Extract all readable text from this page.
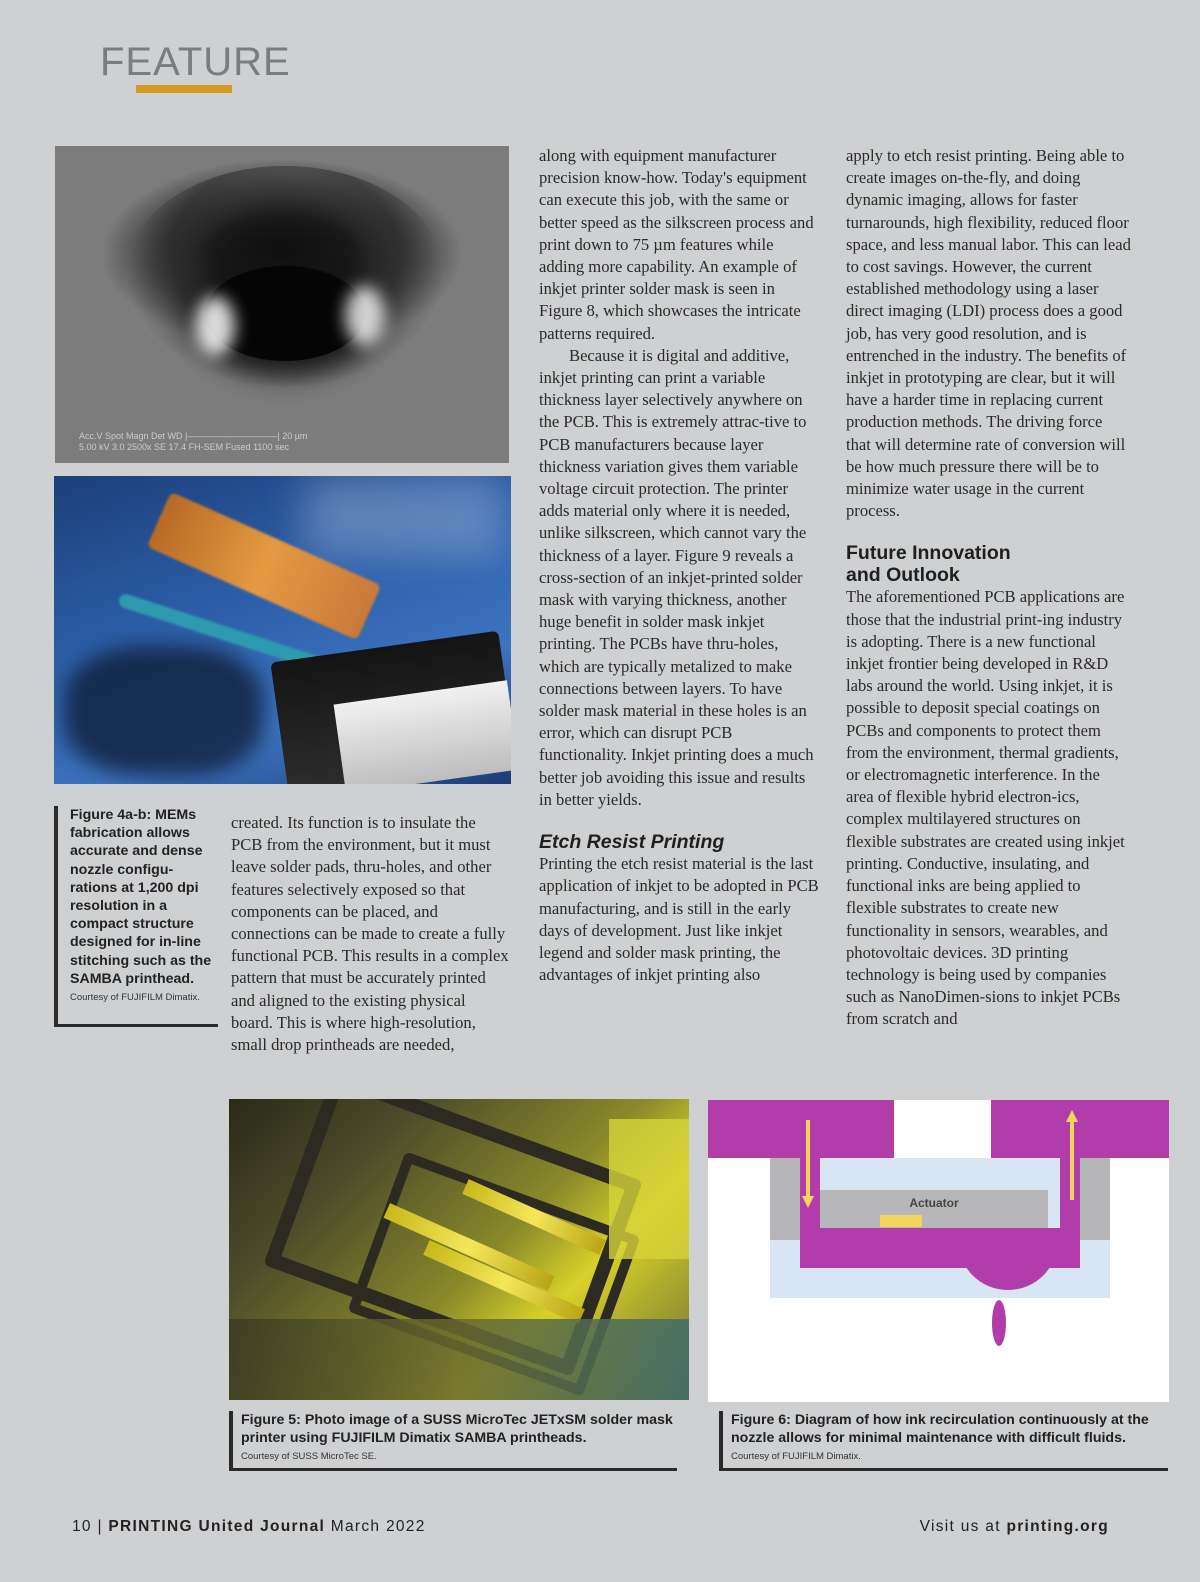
FEATURE
Acc.V Spot Magn Det WD |——————————| 20 µm
5.00 kV 3.0 2500x SE 17.4 FH-SEM Fused 1100 sec
Figure 4a-b: MEMs fabrication allows accurate and dense nozzle configu-rations at 1,200 dpi resolution in a compact structure designed for in-line stitching such as the SAMBA printhead.
Courtesy of FUJIFILM Dimatix.

created. Its function is to insulate the PCB from the environment, but it must leave solder pads, thru-holes, and other features selectively exposed so that components can be placed, and connections can be made to create a fully functional PCB. This results in a complex pattern that must be accurately printed and aligned to the existing physical board. This is where high-resolution, small drop printheads are needed,

along with equipment manufacturer precision know-how. Today's equipment can execute this job, with the same or better speed as the silkscreen process and print down to 75 µm features while adding more capability. An example of inkjet printer solder mask is seen in Figure 8, which showcases the intricate patterns required.

Because it is digital and additive, inkjet printing can print a variable thickness layer selectively anywhere on the PCB. This is extremely attrac-tive to PCB manufacturers because layer thickness variation gives them variable voltage circuit protection. The printer adds material only where it is needed, unlike silkscreen, which cannot vary the thickness of a layer. Figure 9 reveals a cross-section of an inkjet-printed solder mask with varying thickness, another huge benefit in solder mask inkjet printing. The PCBs have thru-holes, which are typically metalized to make connections between layers. To have solder mask material in these holes is an error, which can disrupt PCB functionality. Inkjet printing does a much better job avoiding this issue and results in better yields.

Etch Resist Printing

Printing the etch resist material is the last application of inkjet to be adopted in PCB manufacturing, and is still in the early days of development. Just like inkjet legend and solder mask printing, the advantages of inkjet printing also

apply to etch resist printing. Being able to create images on-the-fly, and doing dynamic imaging, allows for faster turnarounds, high flexibility, reduced floor space, and less manual labor. This can lead to cost savings. However, the current established methodology using a laser direct imaging (LDI) process does a good job, has very good resolution, and is entrenched in the industry. The benefits of inkjet in prototyping are clear, but it will have a harder time in replacing current production methods. The driving force that will determine rate of conversion will be how much pressure there will be to minimize water usage in the current process.

Future Innovation
and Outlook

The aforementioned PCB applications are those that the industrial print-ing industry is adopting. There is a new functional inkjet frontier being developed in R&D labs around the world. Using inkjet, it is possible to deposit special coatings on PCBs and components to protect them from the environment, thermal gradients, or electromagnetic interference. In the area of flexible hybrid electron-ics, complex multilayered structures on flexible substrates are created using inkjet printing. Conductive, insulating, and functional inks are being applied to flexible substrates to create new functionality in sensors, wearables, and photovoltaic devices. 3D printing technology is being used by companies such as NanoDimen-sions to inkjet PCBs from scratch and

Actuator
Figure 5: Photo image of a SUSS MicroTec JETxSM solder mask printer using FUJIFILM Dimatix SAMBA printheads.
Courtesy of SUSS MicroTec SE.
Figure 6: Diagram of how ink recirculation continuously at the nozzle allows for minimal maintenance with difficult fluids.
Courtesy of FUJIFILM Dimatix.
10 | PRINTING United Journal March 2022	Visit us at printing.org
